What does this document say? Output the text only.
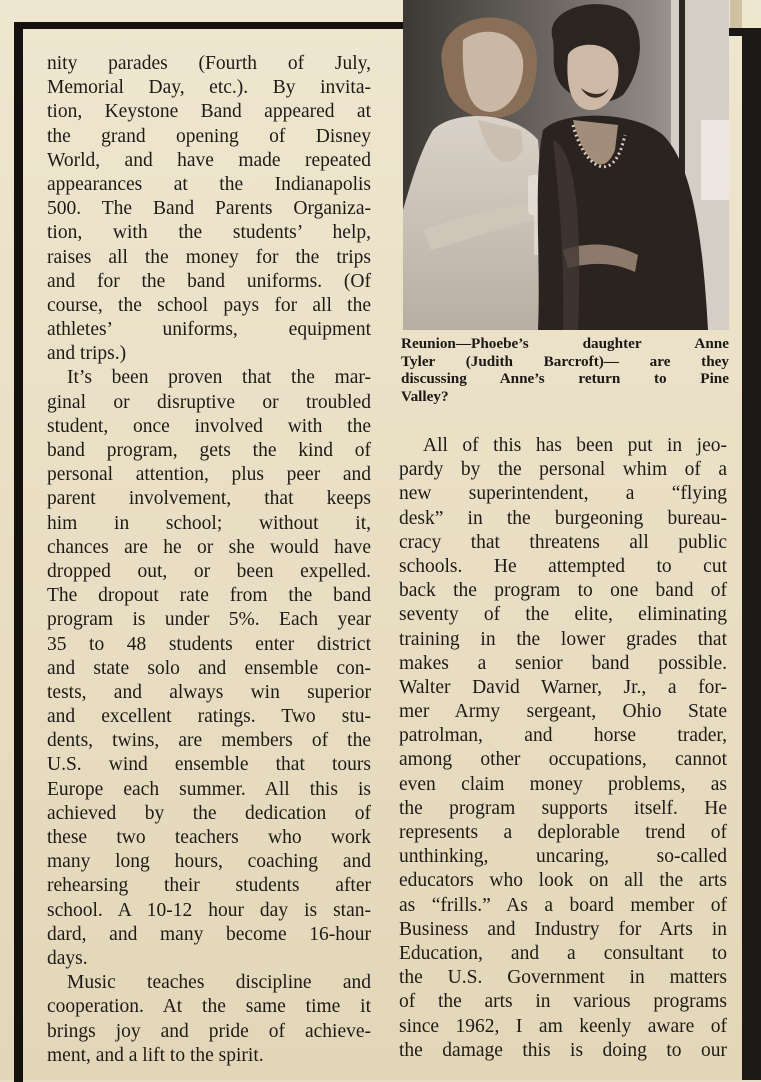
nity parades (Fourth of July,
Memorial Day, etc.). By invita-
tion, Keystone Band appeared at
the grand opening of Disney
World, and have made repeated
appearances at the Indianapolis
500. The Band Parents Organiza-
tion, with the students’ help,
raises all the money for the trips
and for the band uniforms. (Of
course, the school pays for all the
athletes’ uniforms, equipment
and trips.)
It’s been proven that the mar-
ginal or disruptive or troubled
student, once involved with the
band program, gets the kind of
personal attention, plus peer and
parent involvement, that keeps
him in school; without it,
chances are he or she would have
dropped out, or been expelled.
The dropout rate from the band
program is under 5%. Each year
35 to 48 students enter district
and state solo and ensemble con-
tests, and always win superior
and excellent ratings. Two stu-
dents, twins, are members of the
U.S. wind ensemble that tours
Europe each summer. All this is
achieved by the dedication of
these two teachers who work
many long hours, coaching and
rehearsing their students after
school. A 10-12 hour day is stan-
dard, and many become 16-hour
days.
Music teaches discipline and
cooperation. At the same time it
brings joy and pride of achieve-
ment, and a lift to the spirit.
Reunion—Phoebe’s daughter Anne
Tyler (Judith Barcroft)— are they
discussing Anne’s return to Pine
Valley?
All of this has been put in jeo-
pardy by the personal whim of a
new superintendent, a “flying
desk” in the burgeoning bureau-
cracy that threatens all public
schools. He attempted to cut
back the program to one band of
seventy of the elite, eliminating
training in the lower grades that
makes a senior band possible.
Walter David Warner, Jr., a for-
mer Army sergeant, Ohio State
patrolman, and horse trader,
among other occupations, cannot
even claim money problems, as
the program supports itself. He
represents a deplorable trend of
unthinking, uncaring, so-called
educators who look on all the arts
as “frills.” As a board member of
Business and Industry for Arts in
Education, and a consultant to
the U.S. Government in matters
of the arts in various programs
since 1962, I am keenly aware of
the damage this is doing to our
